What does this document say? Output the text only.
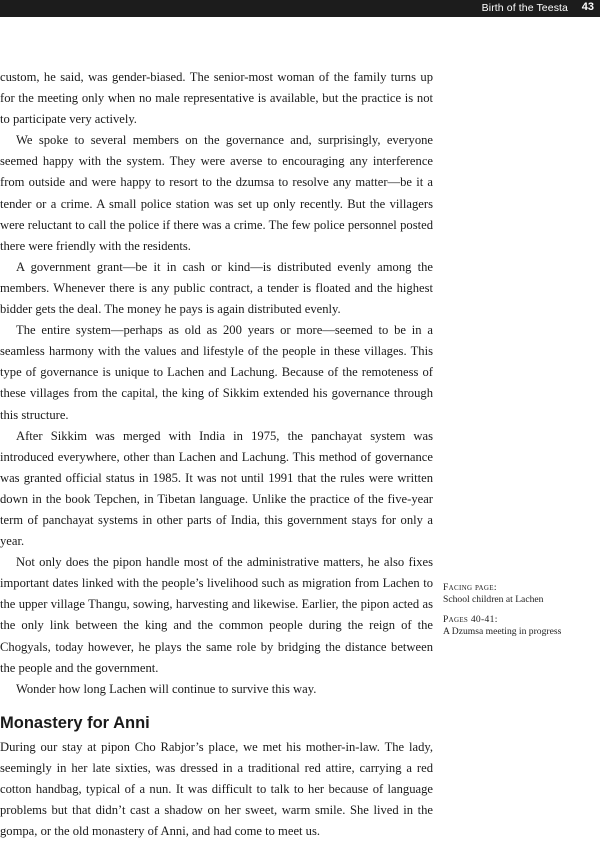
Birth of the Teesta 43

custom, he said, was gender-biased. The senior-most woman of the family turns up for the meeting only when no male representative is available, but the practice is not to participate very actively.

We spoke to several members on the governance and, surprisingly, everyone seemed happy with the system. They were averse to encouraging any interference from outside and were happy to resort to the dzumsa to resolve any matter—be it a tender or a crime. A small police station was set up only recently. But the villagers were reluctant to call the police if there was a crime. The few police personnel posted there were friendly with the residents.

A government grant—be it in cash or kind—is distributed evenly among the members. Whenever there is any public contract, a tender is floated and the highest bidder gets the deal. The money he pays is again distributed evenly.

The entire system—perhaps as old as 200 years or more—seemed to be in a seamless harmony with the values and lifestyle of the people in these villages. This type of governance is unique to Lachen and Lachung. Because of the remoteness of these villages from the capital, the king of Sikkim extended his governance through this structure.

After Sikkim was merged with India in 1975, the panchayat system was introduced everywhere, other than Lachen and Lachung. This method of governance was granted official status in 1985. It was not until 1991 that the rules were written down in the book Tepchen, in Tibetan language. Unlike the practice of the five-year term of panchayat systems in other parts of India, this government stays for only a year.

Not only does the pipon handle most of the administrative matters, he also fixes important dates linked with the people’s livelihood such as migration from Lachen to the upper village Thangu, sowing, harvesting and likewise. Earlier, the pipon acted as the only link between the king and the common people during the reign of the Chogyals, today however, he plays the same role by bridging the distance between the people and the government.

Wonder how long Lachen will continue to survive this way.

Monastery for Anni

During our stay at pipon Cho Rabjor’s place, we met his mother-in-law. The lady, seemingly in her late sixties, was dressed in a traditional red attire, carrying a red cotton handbag, typical of a nun. It was difficult to talk to her because of language problems but that didn’t cast a shadow on her sweet, warm smile. She lived in the gompa, or the old monastery of Anni, and had come to meet us.

Facing page:
School children at Lachen
Pages 40-41:
A Dzumsa meeting in progress
